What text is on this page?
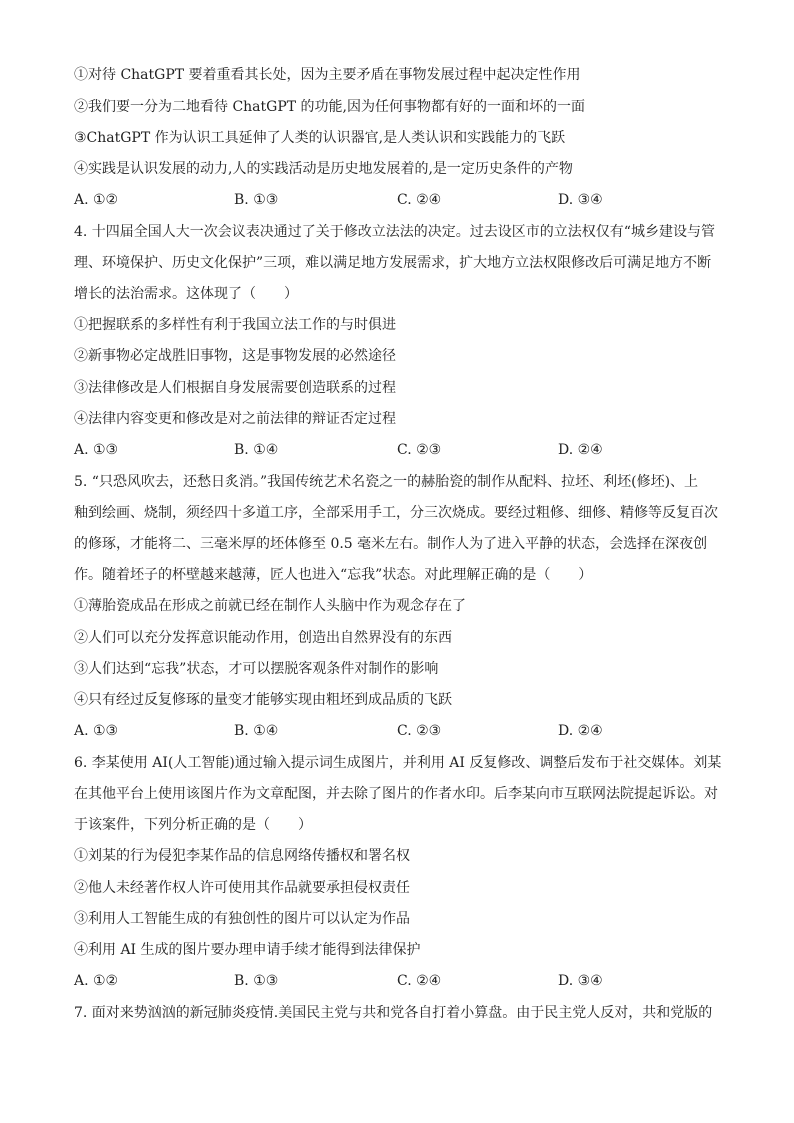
①对待 ChatGPT 要着重看其长处，因为主要矛盾在事物发展过程中起决定性作用
②我们要一分为二地看待 ChatGPT 的功能,因为任何事物都有好的一面和坏的一面
③ChatGPT 作为认识工具延伸了人类的认识器官,是人类认识和实践能力的飞跃
④实践是认识发展的动力,人的实践活动是历史地发展着的,是一定历史条件的产物
A. ①②	B. ①③	C. ②④	D. ③④
4. 十四届全国人大一次会议表决通过了关于修改立法法的决定。过去设区市的立法权仅有“城乡建设与管
理、环境保护、历史文化保护”三项，难以满足地方发展需求，扩大地方立法权限修改后可满足地方不断
增长的法治需求。这体现了（　　）
①把握联系的多样性有利于我国立法工作的与时俱进
②新事物必定战胜旧事物，这是事物发展的必然途径
③法律修改是人们根据自身发展需要创造联系的过程
④法律内容变更和修改是对之前法律的辩证否定过程
A. ①③	B. ①④	C. ②③	D. ②④
5. “只恐风吹去，还愁日炙消。”我国传统艺术名瓷之一的赫胎瓷的制作从配料、拉坯、利坯(修坯)、上
釉到绘画、烧制，须经四十多道工序，全部采用手工，分三次烧成。要经过粗修、细修、精修等反复百次
的修琢，才能将二、三毫米厚的坯体修至 0.5 毫米左右。制作人为了进入平静的状态，会选择在深夜创
作。随着坯子的杯壁越来越薄，匠人也进入“忘我”状态。对此理解正确的是（　　）
①薄胎瓷成品在形成之前就已经在制作人头脑中作为观念存在了
②人们可以充分发挥意识能动作用，创造出自然界没有的东西
③人们达到“忘我”状态，才可以摆脱客观条件对制作的影响
④只有经过反复修琢的量变才能够实现由粗坯到成品质的飞跃
A. ①③	B. ①④	C. ②③	D. ②④
6. 李某使用 AI(人工智能)通过输入提示词生成图片，并利用 AI 反复修改、调整后发布于社交媒体。刘某
在其他平台上使用该图片作为文章配图，并去除了图片的作者水印。后李某向市互联网法院提起诉讼。对
于该案件，下列分析正确的是（　　）
①刘某的行为侵犯李某作品的信息网络传播权和署名权
②他人未经著作权人许可使用其作品就要承担侵权责任
③利用人工智能生成的有独创性的图片可以认定为作品
④利用 AI 生成的图片要办理申请手续才能得到法律保护
A. ①②	B. ①③	C. ②④	D. ③④
7. 面对来势汹汹的新冠肺炎疫情.美国民主党与共和党各自打着小算盘。由于民主党人反对，共和党版的
